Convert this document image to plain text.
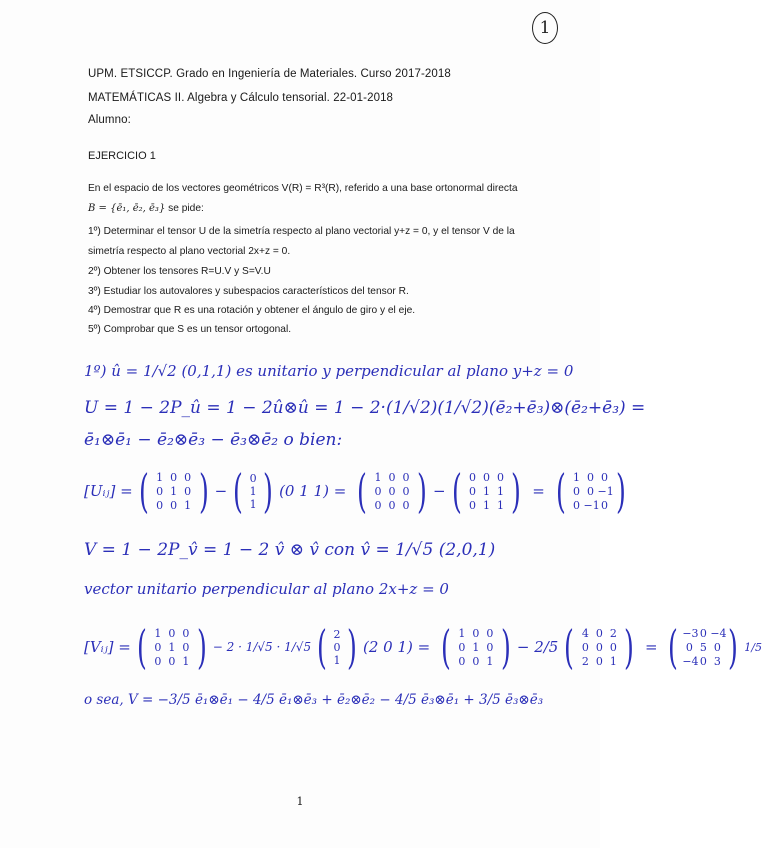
1
UPM. ETSICCP. Grado en Ingeniería de Materiales. Curso 2017-2018
MATEMÁTICAS II. Algebra y Cálculo tensorial. 22-01-2018
Alumno:
EJERCICIO 1
En el espacio de los vectores geométricos V(R) = R³(R), referido a una base ortonormal directa
B = {ē₁, ē₂, ē₃} se pide:
1º) Determinar el tensor U de la simetría respecto al plano vectorial y+z = 0, y el tensor V de la
simetría respecto al plano vectorial 2x+z = 0.
2º) Obtener los tensores R=U.V y S=V.U
3º) Estudiar los autovalores y subespacios característicos del tensor R.
4º) Demostrar que R es una rotación y obtener el ángulo de giro y el eje.
5º) Comprobar que S es un tensor ortogonal.
1º) û = 1/√2 (0,1,1) es unitario y perpendicular al plano y+z = 0
U = 1 − 2P_û = 1 − 2û⊗û = 1 − 2·(1/√2)(1/√2)(ē₂+ē₃)⊗(ē₂+ē₃) =
ē₁⊗ē₁ − ē₂⊗ē₃ − ē₃⊗ē₂ o bien:
[Uᵢⱼ] = ( 1 0 0
0 1 0
0 0 1 ) − ( 0
1
1 ) (0 1 1) = ( 1 0 0
0 0 0
0 0 0 ) − ( 0 0 0
0 1 1
0 1 1 ) = ( 1 0 0
0 0 −1
0 −1 0 )
V = 1 − 2P_v̂ = 1 − 2 v̂ ⊗ v̂ con v̂ = 1/√5 (2,0,1)
vector unitario perpendicular al plano 2x+z = 0
[Vᵢⱼ] = ( 1 0 0
0 1 0
0 0 1 ) − 2 · 1/√5 · 1/√5 ( 2
0
1 ) (2 0 1) = ( 1 0 0
0 1 0
0 0 1 ) − 2/5 ( 4 0 2
0 0 0
2 0 1 ) = ( −3 0 −4
0 5 0
−4 0 3 ) 1/5
o sea, V = −3/5 ē₁⊗ē₁ − 4/5 ē₁⊗ē₃ + ē₂⊗ē₂ − 4/5 ē₃⊗ē₁ + 3/5 ē₃⊗ē₃
1
